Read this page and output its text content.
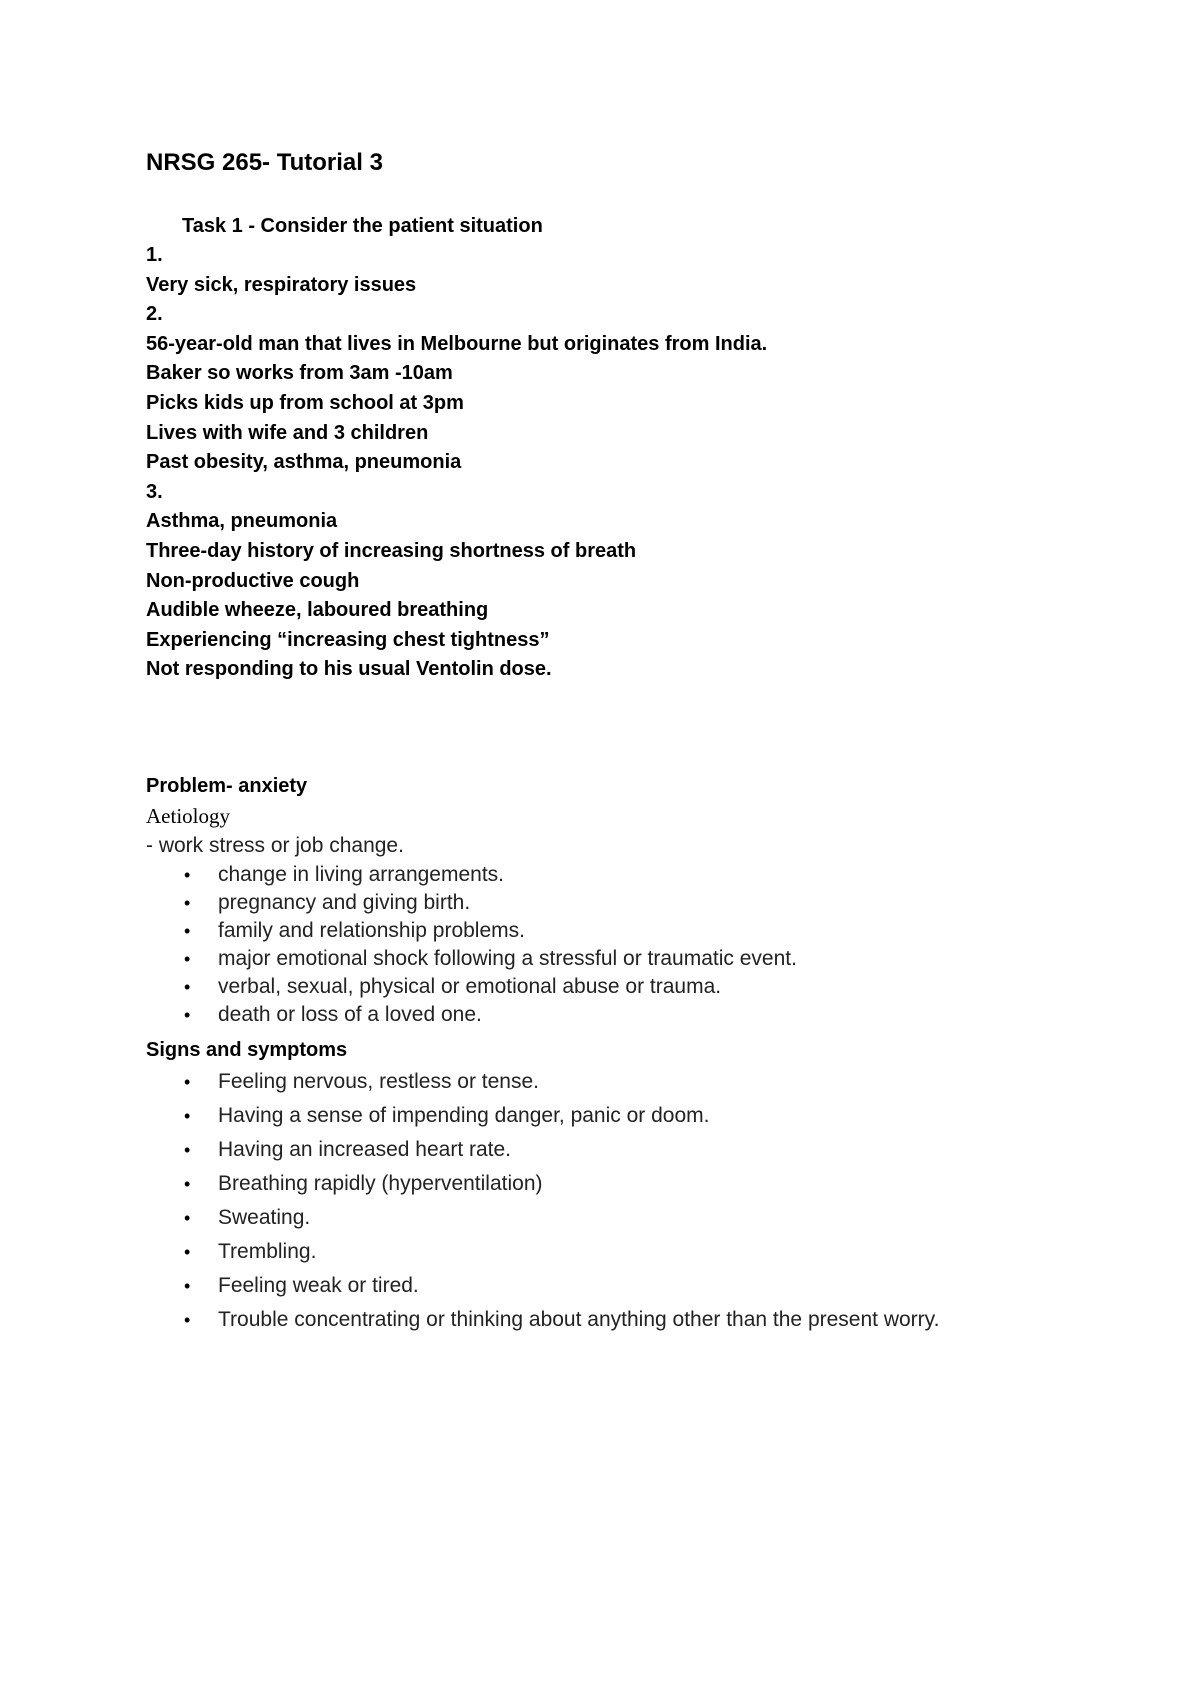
NRSG 265- Tutorial 3
Task 1 - Consider the patient situation
1.
Very sick, respiratory issues
2.
56-year-old man that lives in Melbourne but originates from India.
Baker so works from 3am -10am
Picks kids up from school at 3pm
Lives with wife and 3 children
Past obesity, asthma, pneumonia
3.
Asthma, pneumonia
Three-day history of increasing shortness of breath
Non-productive cough
Audible wheeze, laboured breathing
Experiencing “increasing chest tightness”
Not responding to his usual Ventolin dose.
Problem- anxiety
Aetiology
- work stress or job change.
• change in living arrangements.
• pregnancy and giving birth.
• family and relationship problems.
• major emotional shock following a stressful or traumatic event.
• verbal, sexual, physical or emotional abuse or trauma.
• death or loss of a loved one.
Signs and symptoms
• Feeling nervous, restless or tense.
• Having a sense of impending danger, panic or doom.
• Having an increased heart rate.
• Breathing rapidly (hyperventilation)
• Sweating.
• Trembling.
• Feeling weak or tired.
• Trouble concentrating or thinking about anything other than the present worry.
